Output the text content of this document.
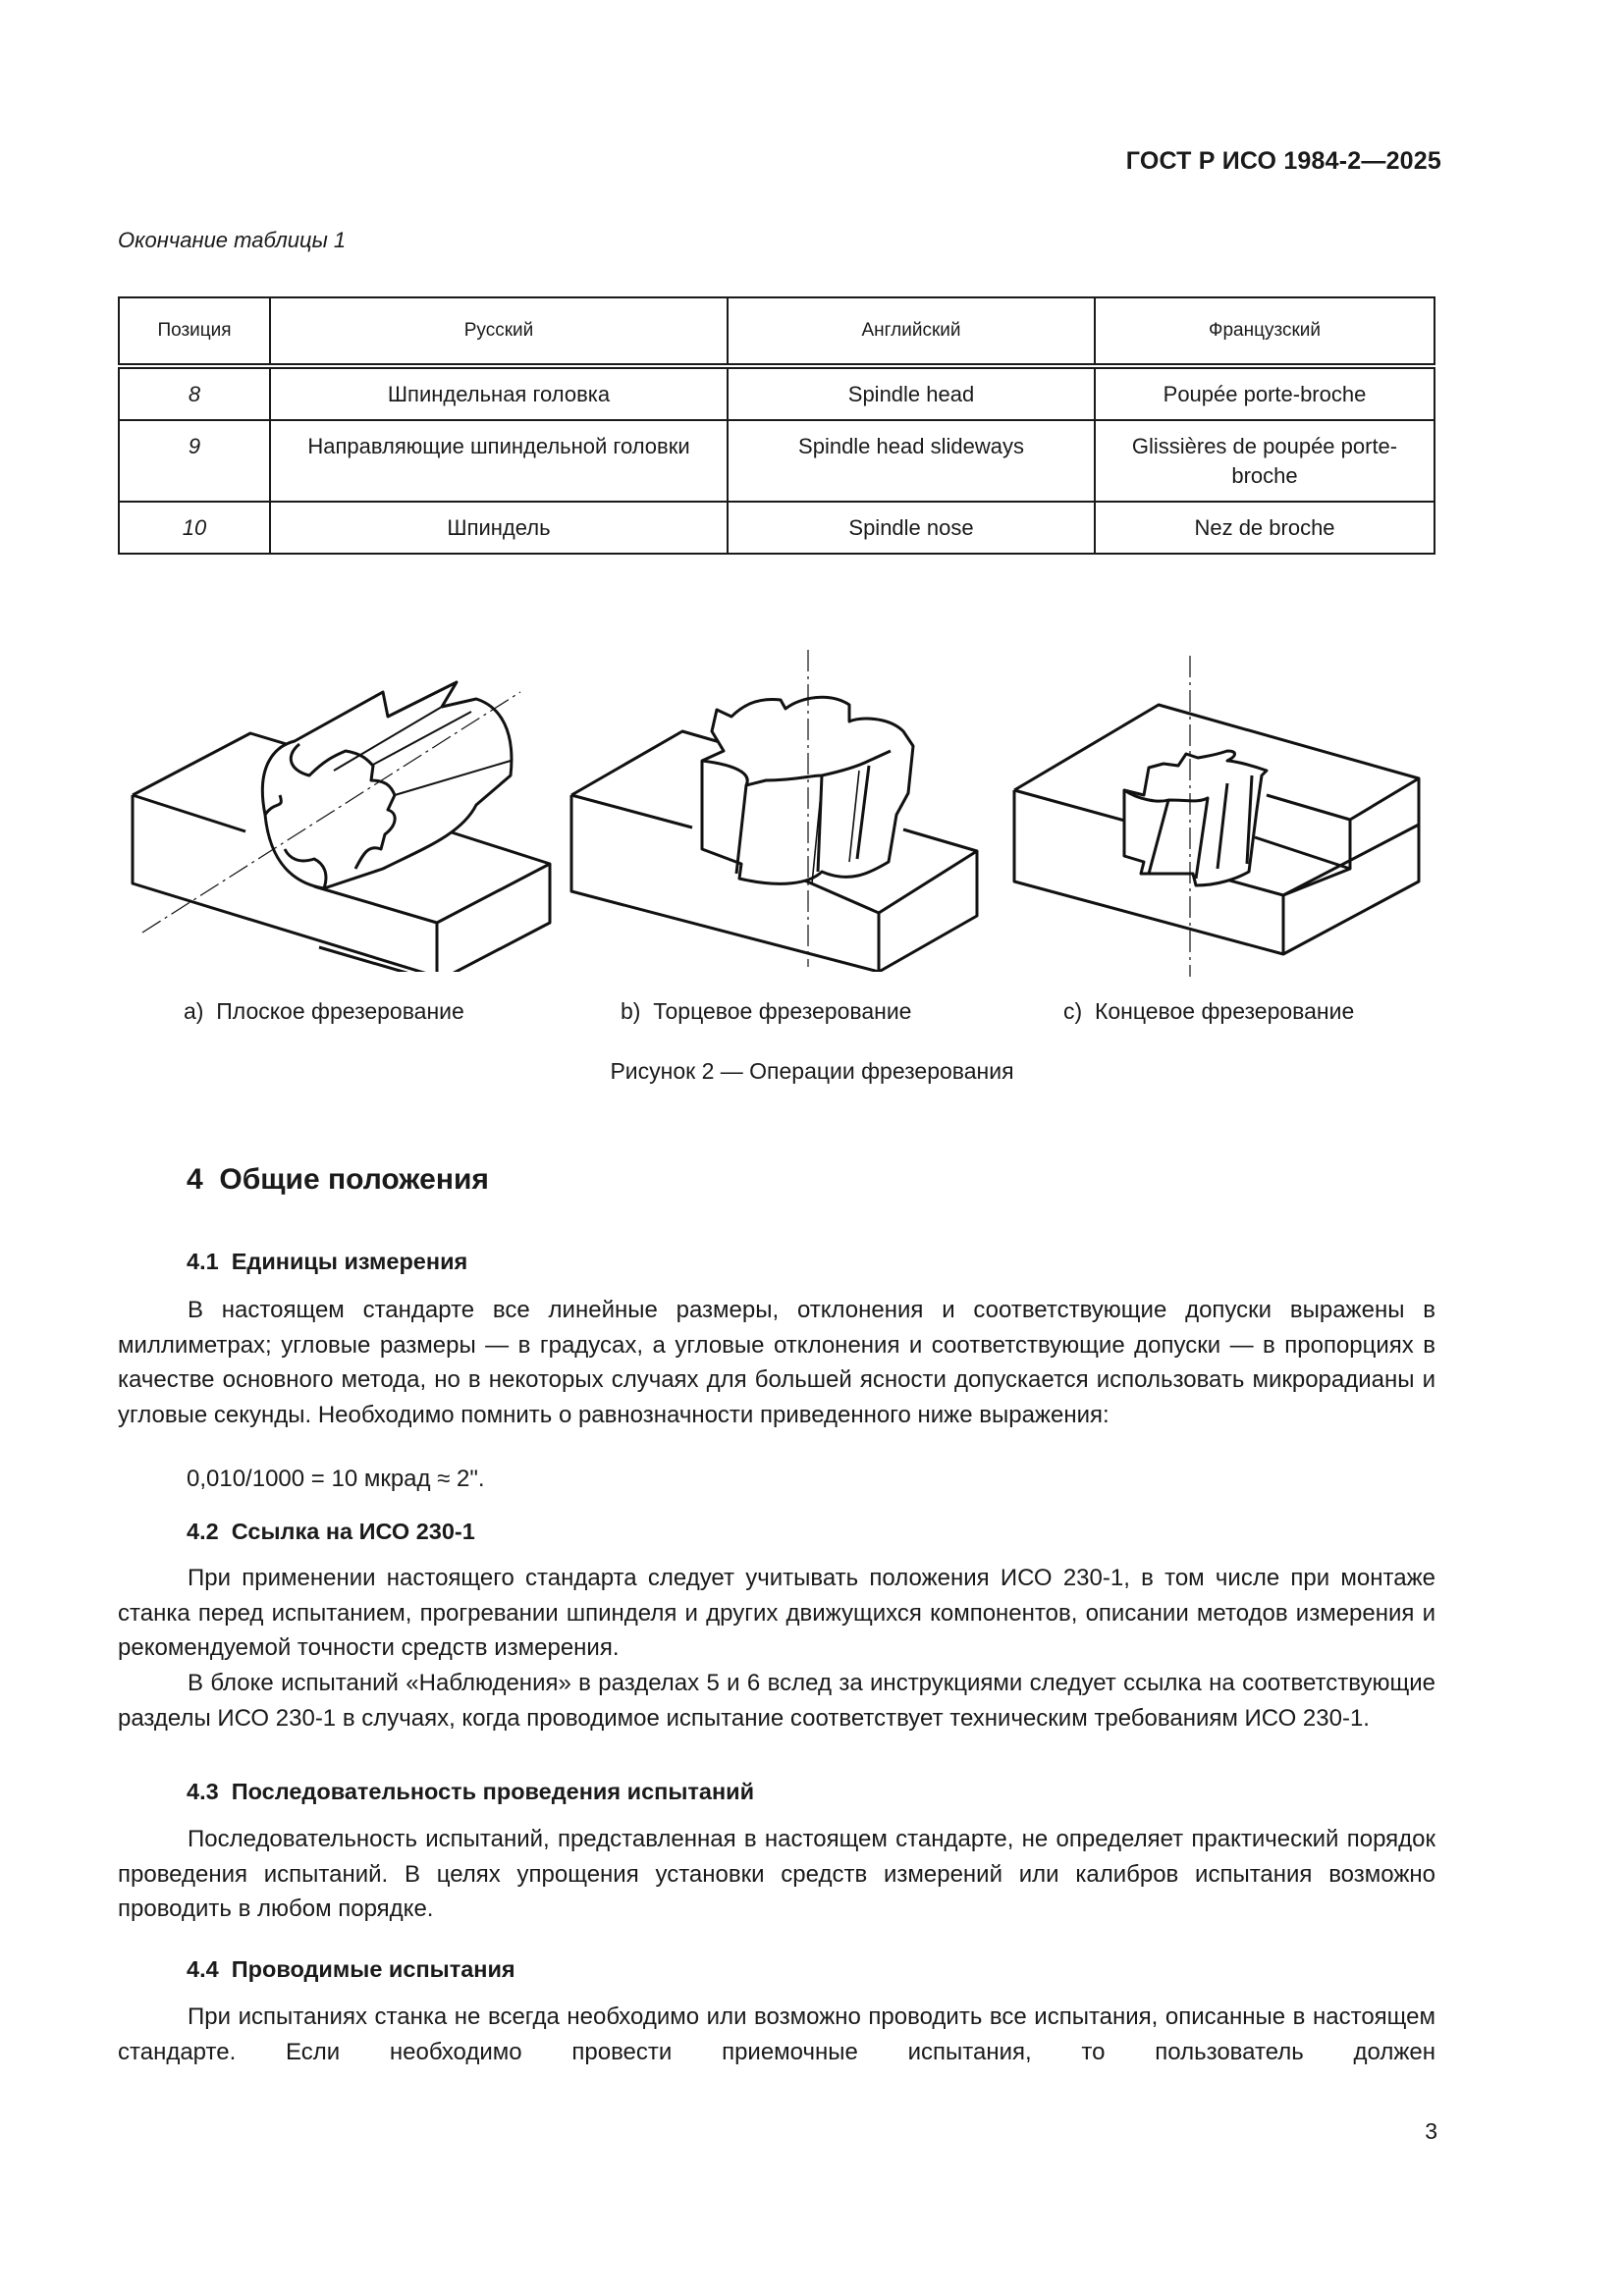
ГОСТ Р ИСО 1984-2—2025
Окончание таблицы 1
Позиция	Русский	Английский	Французский
8	Шпиндельная головка	Spindle head	Poupée porte-broche
9	Направляющие шпиндельной головки	Spindle head slideways	Glissières de poupée porte-broche
10	Шпиндель	Spindle nose	Nez de broche
a) Плоское фрезерование	b) Торцевое фрезерование	c) Концевое фрезерование
Рисунок 2 — Операции фрезерования
4  Общие положения
4.1  Единицы измерения
В настоящем стандарте все линейные размеры, отклонения и соответствующие допуски выражены в миллиметрах; угловые размеры — в градусах, а угловые отклонения и соответствующие допуски — в пропорциях в качестве основного метода, но в некоторых случаях для большей ясности допускается использовать микрорадианы и угловые секунды. Необходимо помнить о равнозначности приведенного ниже выражения:
0,010/1000 = 10 мкрад ≈ 2".
4.2  Ссылка на ИСО 230-1
При применении настоящего стандарта следует учитывать положения ИСО 230-1, в том числе при монтаже станка перед испытанием, прогревании шпинделя и других движущихся компонентов, описании методов измерения и рекомендуемой точности средств измерения.
В блоке испытаний «Наблюдения» в разделах 5 и 6 вслед за инструкциями следует ссылка на соответствующие разделы ИСО 230-1 в случаях, когда проводимое испытание соответствует техническим требованиям ИСО 230-1.
4.3  Последовательность проведения испытаний
Последовательность испытаний, представленная в настоящем стандарте, не определяет практический порядок проведения испытаний. В целях упрощения установки средств измерений или калибров испытания возможно проводить в любом порядке.
4.4  Проводимые испытания
При испытаниях станка не всегда необходимо или возможно проводить все испытания, описанные в настоящем стандарте. Если необходимо провести приемочные испытания, то пользователь должен
3
